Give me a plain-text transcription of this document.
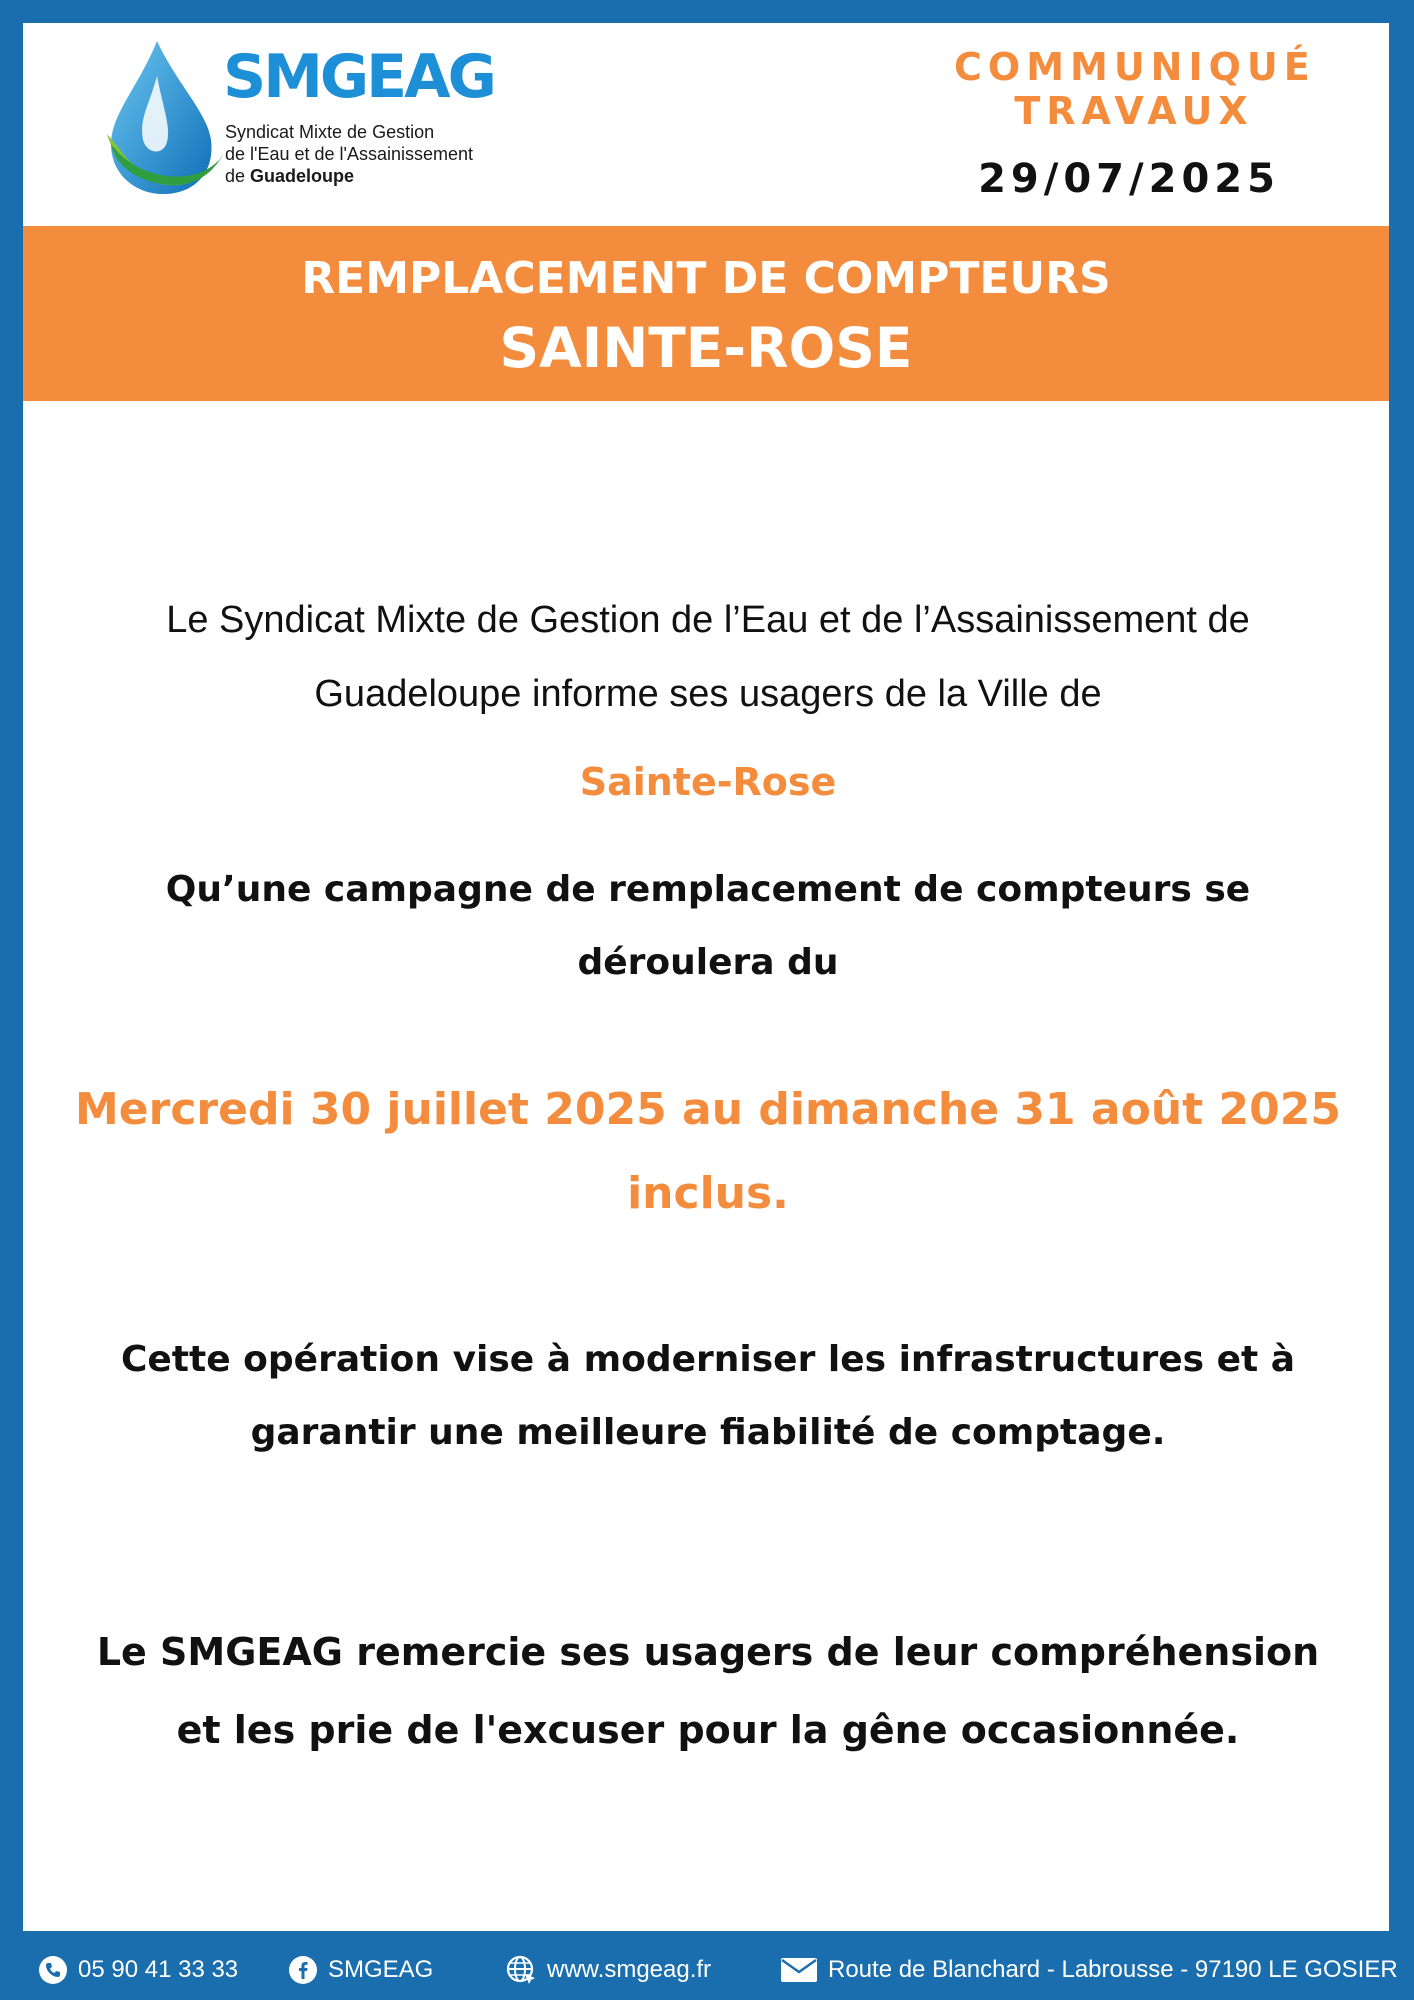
SMGEAG
Syndicat Mixte de Gestion
de l'Eau et de l'Assainissement
de Guadeloupe
COMMUNIQUÉ
TRAVAUX
29/07/2025
REMPLACEMENT DE COMPTEURS
SAINTE-ROSE
Le Syndicat Mixte de Gestion de l’Eau et de l’Assainissement de
Guadeloupe informe ses usagers de la Ville de
Sainte-Rose
Qu’une campagne de remplacement de compteurs se
déroulera du
Mercredi 30 juillet 2025 au dimanche 31 août 2025
inclus.
Cette opération vise à moderniser les infrastructures et à
garantir une meilleure fiabilité de comptage.
Le SMGEAG remercie ses usagers de leur compréhension
et les prie de l'excuser pour la gêne occasionnée.
05 90 41 33 33	SMGEAG	www.smgeag.fr	Route de Blanchard - Labrousse - 97190 LE GOSIER
